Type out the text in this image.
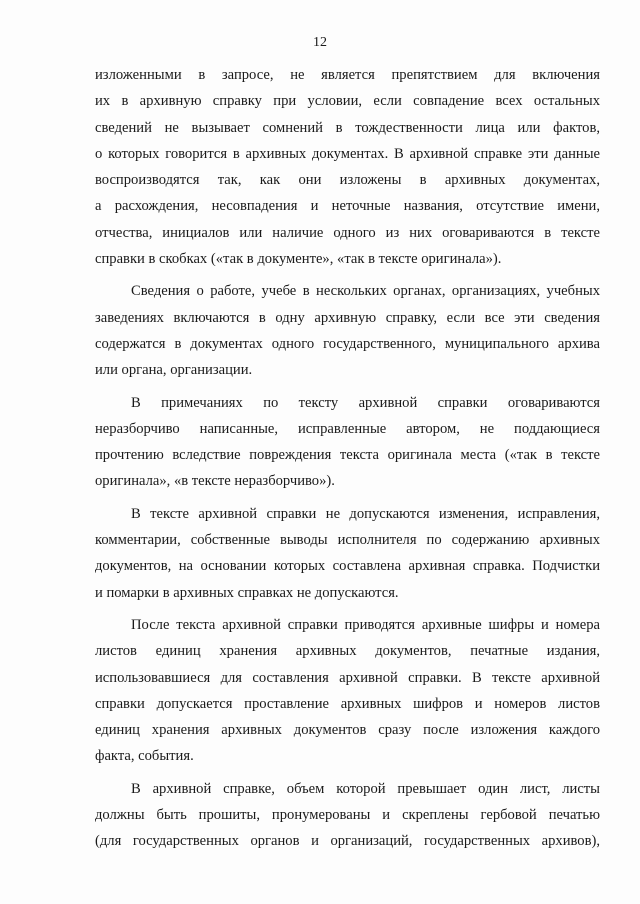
12
изложенными в запросе, не является препятствием для включения
их в архивную справку при условии, если совпадение всех остальных
сведений не вызывает сомнений в тождественности лица или фактов,
о которых говорится в архивных документах. В архивной справке эти данные
воспроизводятся так, как они изложены в архивных документах,
а расхождения, несовпадения и неточные названия, отсутствие имени,
отчества, инициалов или наличие одного из них оговариваются в тексте
справки в скобках («так в документе», «так в тексте оригинала»).
Сведения о работе, учебе в нескольких органах, организациях, учебных
заведениях включаются в одну архивную справку, если все эти сведения
содержатся в документах одного государственного, муниципального архива
или органа, организации.
В примечаниях по тексту архивной справки оговариваются
неразборчиво написанные, исправленные автором, не поддающиеся
прочтению вследствие повреждения текста оригинала места («так в тексте
оригинала», «в тексте неразборчиво»).
В тексте архивной справки не допускаются изменения, исправления,
комментарии, собственные выводы исполнителя по содержанию архивных
документов, на основании которых составлена архивная справка. Подчистки
и помарки в архивных справках не допускаются.
После текста архивной справки приводятся архивные шифры и номера
листов единиц хранения архивных документов, печатные издания,
использовавшиеся для составления архивной справки. В тексте архивной
справки допускается проставление архивных шифров и номеров листов
единиц хранения архивных документов сразу после изложения каждого
факта, события.
В архивной справке, объем которой превышает один лист, листы
должны быть прошиты, пронумерованы и скреплены гербовой печатью
(для государственных органов и организаций, государственных архивов),
